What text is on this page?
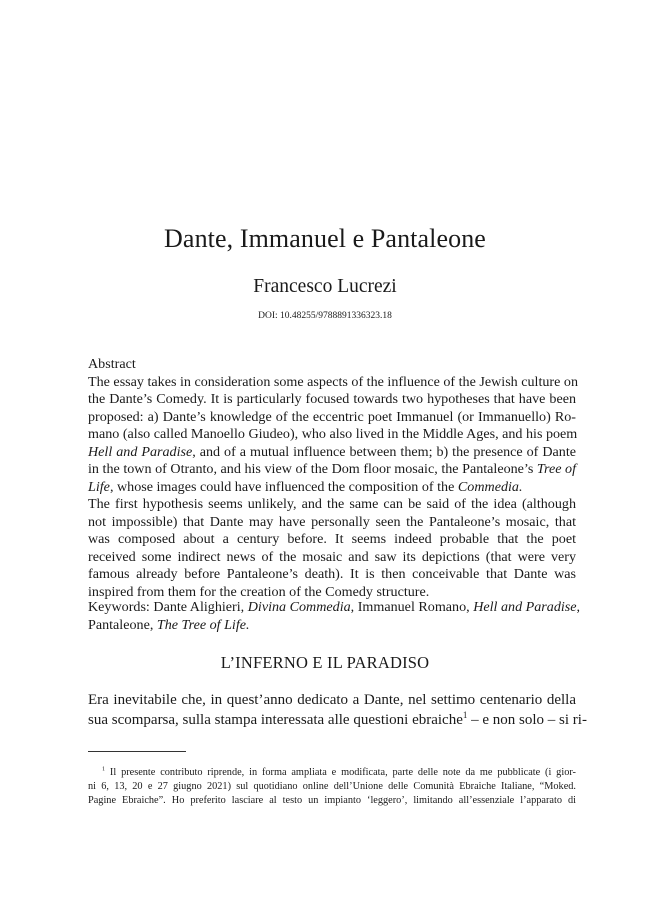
Dante, Immanuel e Pantaleone
Francesco Lucrezi
DOI: 10.48255/9788891336323.18
Abstract
The essay takes in consideration some aspects of the influence of the Jewish culture on
the Dante’s Comedy. It is particularly focused towards two hypotheses that have been
proposed: a) Dante’s knowledge of the eccentric poet Immanuel (or Immanuello) Ro-
mano (also called Manoello Giudeo), who also lived in the Middle Ages, and his poem
Hell and Paradise, and of a mutual influence between them; b) the presence of Dante
in the town of Otranto, and his view of the Dom floor mosaic, the Pantaleone’s Tree of
Life, whose images could have influenced the composition of the Commedia.
The first hypothesis seems unlikely, and the same can be said of the idea (although
not impossible) that Dante may have personally seen the Pantaleone’s mosaic, that
was composed about a century before. It seems indeed probable that the poet
received some indirect news of the mosaic and saw its depictions (that were very
famous already before Pantaleone’s death). It is then conceivable that Dante was
inspired from them for the creation of the Comedy structure.
Keywords: Dante Alighieri, Divina Commedia, Immanuel Romano, Hell and Paradise,
Pantaleone, The Tree of Life.
L’INFERNO E IL PARADISO
Era inevitabile che, in quest’anno dedicato a Dante, nel settimo centenario della
sua scomparsa, sulla stampa interessata alle questioni ebraiche$^1$ – e non solo – si ri-
$^1$ Il presente contributo riprende, in forma ampliata e modificata, parte delle note da me pubblicate (i gior-
ni 6, 13, 20 e 27 giugno 2021) sul quotidiano online dell’Unione delle Comunità Ebraiche Italiane, “Moked.
Pagine Ebraiche”. Ho preferito lasciare al testo un impianto ‘leggero’, limitando all’essenziale l’apparato di
